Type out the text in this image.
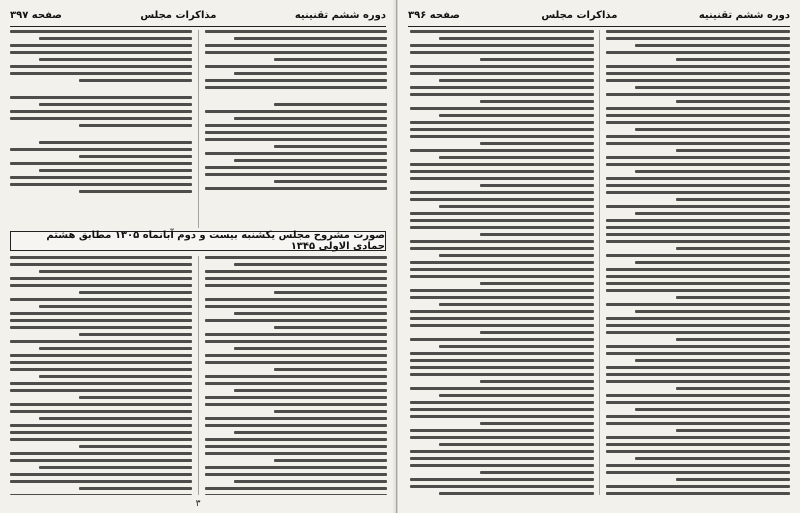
دوره ششم تقنینیه
مذاکرات مجلس
صفحه ۳۹۷
صورت مشروح مجلس یکشنبه بیست و دوم آبانماه ۱۳۰۵ مطابق هشتم جمادی الاولی ۱۳۴۵
۳
دوره ششم تقنینیه
مذاکرات مجلس
صفحه ۳۹۶
